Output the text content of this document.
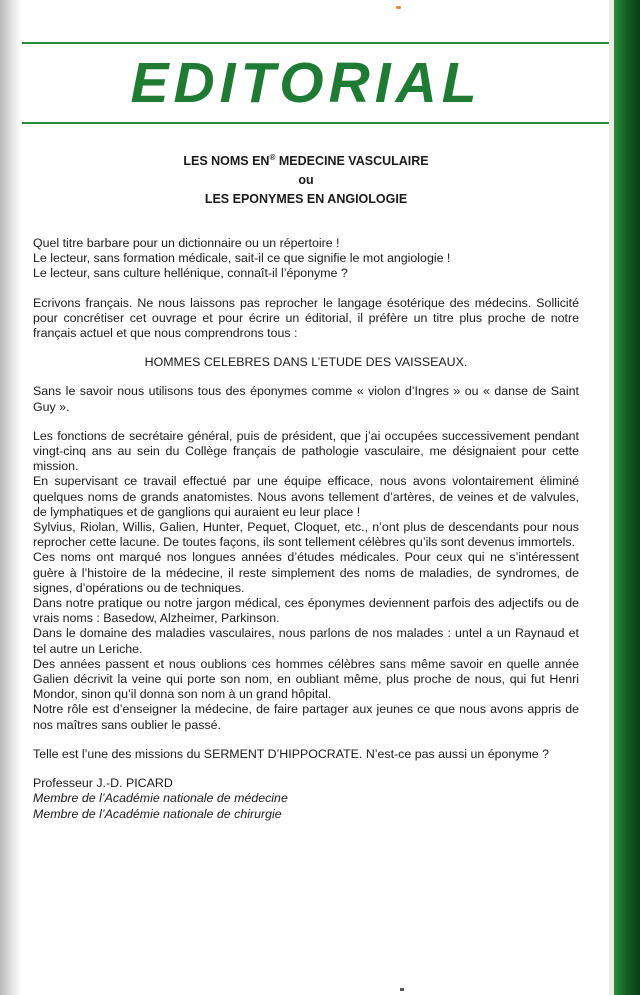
EDITORIAL
LES NOMS EN® MEDECINE VASCULAIRE
ou
LES EPONYMES EN ANGIOLOGIE

Quel titre barbare pour un dictionnaire ou un répertoire !

Le lecteur, sans formation médicale, sait-il ce que signifie le mot angiologie !

Le lecteur, sans culture hellénique, connaît-il l’éponyme ?

Ecrivons français. Ne nous laissons pas reprocher le langage ésotérique des médecins. Sollicité pour concrétiser cet ouvrage et pour écrire un éditorial, il préfère un titre plus proche de notre français actuel et que nous comprendrons tous :

HOMMES CELEBRES DANS L’ETUDE DES VAISSEAUX.

Sans le savoir nous utilisons tous des éponymes comme « violon d’Ingres » ou « danse de Saint Guy ».

Les fonctions de secrétaire général, puis de président, que j’ai occupées successivement pendant vingt-cinq ans au sein du Collège français de pathologie vasculaire, me désignaient pour cette mission.

En supervisant ce travail effectué par une équipe efficace, nous avons volontairement éliminé quelques noms de grands anatomistes. Nous avons tellement d’artères, de veines et de valvules, de lymphatiques et de ganglions qui auraient eu leur place !

Sylvius, Riolan, Willis, Galien, Hunter, Pequet, Cloquet, etc., n’ont plus de descendants pour nous reprocher cette lacune. De toutes façons, ils sont tellement célèbres qu’ils sont devenus immortels.

Ces noms ont marqué nos longues années d’études médicales. Pour ceux qui ne s’intéressent guère à l’histoire de la médecine, il reste simplement des noms de maladies, de syndromes, de signes, d’opérations ou de techniques.

Dans notre pratique ou notre jargon médical, ces éponymes deviennent parfois des adjectifs ou de vrais noms : Basedow, Alzheimer, Parkinson.

Dans le domaine des maladies vasculaires, nous parlons de nos malades : untel a un Raynaud et tel autre un Leriche.

Des années passent et nous oublions ces hommes célèbres sans même savoir en quelle année Galien décrivit la veine qui porte son nom, en oubliant même, plus proche de nous, qui fut Henri Mondor, sinon qu’il donna son nom à un grand hôpital.

Notre rôle est d’enseigner la médecine, de faire partager aux jeunes ce que nous avons appris de nos maîtres sans oublier le passé.

Telle est l’une des missions du SERMENT D’HIPPOCRATE. N’est-ce pas aussi un éponyme ?

Professeur J.-D. PICARD

Membre de l’Académie nationale de médecine

Membre de l’Académie nationale de chirurgie
